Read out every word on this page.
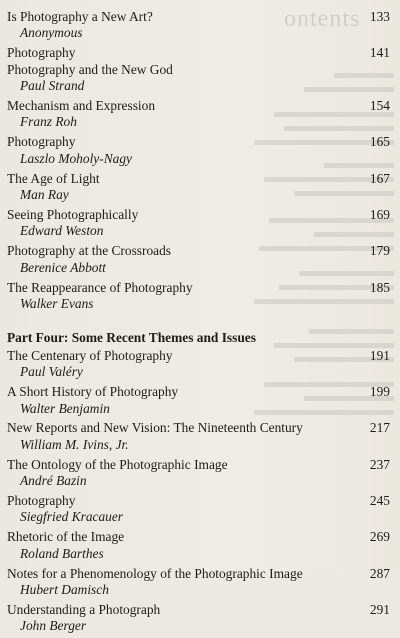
ontents
Is Photography a New Art?	133
Anonymous
Photography	141
Photography and the New God
Paul Strand
Mechanism and Expression	154
Franz Roh
Photography	165
Laszlo Moholy-Nagy
The Age of Light	167
Man Ray
Seeing Photographically	169
Edward Weston
Photography at the Crossroads	179
Berenice Abbott
The Reappearance of Photography	185
Walker Evans
Part Four: Some Recent Themes and Issues
The Centenary of Photography	191
Paul Valéry
A Short History of Photography	199
Walter Benjamin
New Reports and New Vision: The Nineteenth Century	217
William M. Ivins, Jr.
The Ontology of the Photographic Image	237
André Bazin
Photography	245
Siegfried Kracauer
Rhetoric of the Image	269
Roland Barthes
Notes for a Phenomenology of the Photographic Image	287
Hubert Damisch
Understanding a Photograph	291
John Berger
